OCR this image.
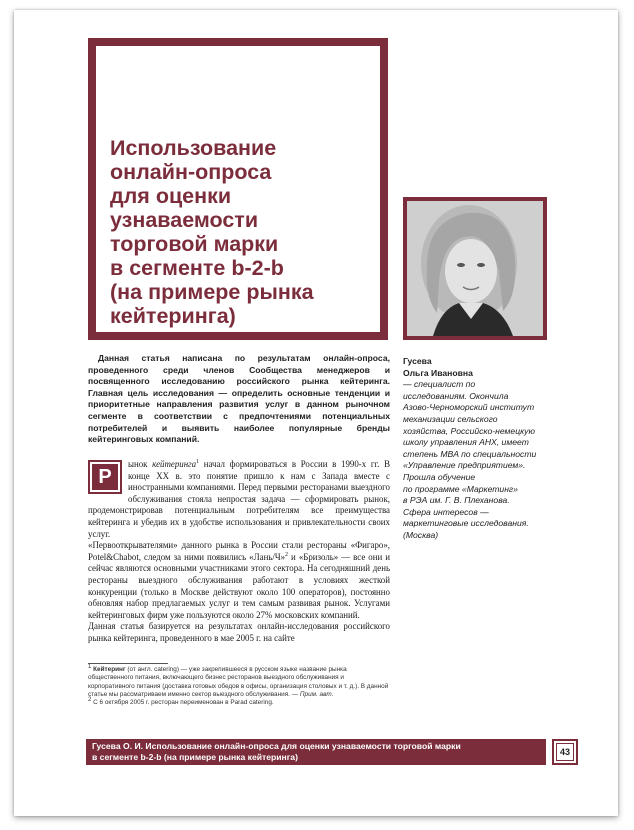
Использование
онлайн-опроса
для оценки
узнаваемости
торговой марки
в сегменте b-2-b
(на примере рынка
кейтеринга)
Данная статья написана по результатам онлайн-опроса, проведенного среди членов Сообщества менеджеров и посвященного исследованию российского рынка кейтеринга. Главная цель исследования — определить основные тенденции и приоритетные направления развития услуг в данном рыночном сегменте в соответствии с предпочтениями потенциальных потребителей и выявить наиболее популярные бренды кейтеринговых компаний.
Р

ынок кейтеринга$^1$ начал формироваться в России в 1990-х гг. В конце XX в. это понятие пришло к нам с Запада вместе с иностранными компаниями. Перед первыми ресторанами выездного обслуживания стояла непростая задача — сформировать рынок, продемонстрировав потенциальным потребителям все преимущества кейтеринга и убедив их в удобстве использования и привлекательности своих услуг.

«Первооткрывателями» данного рынка в России стали рестораны «Фигаро», Potel&Chabot, следом за ними появились «Лань/Ч»$^2$ и «Бризоль» — все они и сейчас являются основными участниками этого сектора. На сегодняшний день рестораны выездного обслуживания работают в условиях жесткой конкуренции (только в Москве действуют около 100 операторов), постоянно обновляя набор предлагаемых услуг и тем самым развивая рынок. Услугами кейтеринговых фирм уже пользуются около 27% московских компаний.

Данная статья базируется на результатах онлайн-исследования российского рынка кейтеринга, проведенного в мае 2005 г. на сайте

1 Кейтеринг (от англ. catering) — уже закрепившееся в русском языке название рынка общественного питания, включающего бизнес ресторанов выездного обслуживания и корпоративного питания (доставка готовых обедов в офисы, организация столовых и т. д.). В данной статье мы рассматриваем именно сектор выездного обслуживания. — Прим. авт.

2 С 6 октября 2005 г. ресторан переименован в Parad catering.

Гусева
Ольга Ивановна
— специалист по
исследованиям. Окончила
Азово-Черноморский институт
механизации сельского
хозяйства, Российско-немецкую
школу управления АНХ, имеет
степень MBA по специальности
«Управление предприятием».
Прошла обучение
по программе «Маркетинг»
в РЭА им. Г. В. Плеханова.
Сфера интересов —
маркетинговые исследования.
(Москва)
Гусева О. И. Использование онлайн-опроса для оценки узнаваемости торговой марки
в сегменте b-2-b (на примере рынка кейтеринга)	43
